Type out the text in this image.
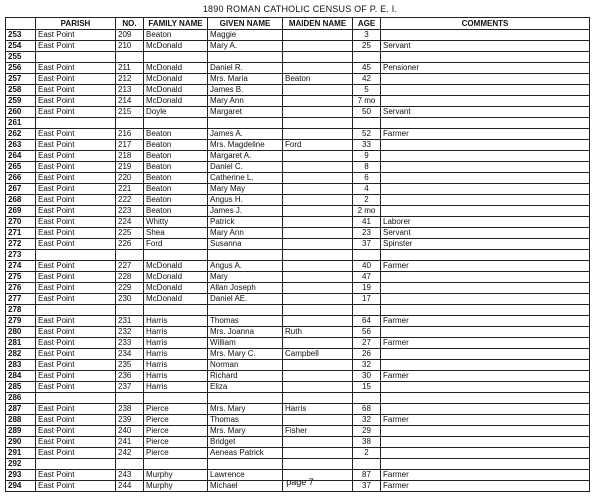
1890 ROMAN CATHOLIC CENSUS OF P. E. I.
	PARISH	NO.	FAMILY NAME	GIVEN NAME	MAIDEN NAME	AGE	COMMENTS
253	East Point	209	Beaton	Maggie		3	
254	East Point	210	McDonald	Mary A.		25	Servant
255							
256	East Point	211	McDonald	Daniel R.		45	Pensioner
257	East Point	212	McDonald	Mrs. Maria	Beaton	42	
258	East Point	213	McDonald	James B.		5	
259	East Point	214	McDonald	Mary Ann		7 mo	
260	East Point	215	Doyle	Margaret		50	Servant
261							
262	East Point	216	Beaton	James A.		52	Farmer
263	East Point	217	Beaton	Mrs. Magdeline	Ford	33	
264	East Point	218	Beaton	Margaret A.		9	
265	East Point	219	Beaton	Daniel C.		8	
266	East Point	220	Beaton	Catherine L.		6	
267	East Point	221	Beaton	Mary May		4	
268	East Point	222	Beaton	Angus H.		2	
269	East Point	223	Beaton	James J.		2 mo	
270	East Point	224	Whitty	Patrick		41	Laborer
271	East Point	225	Shea	Mary Ann		23	Servant
272	East Point	226	Ford	Susanna		37	Spinster
273							
274	East Point	227	McDonald	Angus A.		40	Farmer
275	East Point	228	McDonald	Mary		47	
276	East Point	229	McDonald	Allan Joseph		19	
277	East Point	230	McDonald	Daniel AE.		17	
278							
279	East Point	231	Harris	Thomas		64	Farmer
280	East Point	232	Harris	Mrs. Joanna	Ruth	56	
281	East Point	233	Harris	William		27	Farmer
282	East Point	234	Harris	Mrs. Mary C.	Campbell	26	
283	East Point	235	Harris	Norman		32	
284	East Point	236	Harris	Richard		30	Farmer
285	East Point	237	Harris	Eliza		15	
286							
287	East Point	238	Pierce	Mrs. Mary	Harris	68	
288	East Point	239	Pierce	Thomas		32	Farmer
289	East Point	240	Pierce	Mrs. Mary	Fisher	29	
290	East Point	241	Pierce	Bridget		38	
291	East Point	242	Pierce	Aeneas Patrick		2	
292							
293	East Point	243	Murphy	Lawrence		87	Farmer
294	East Point	244	Murphy	Michael		37	Farmer
page 7
